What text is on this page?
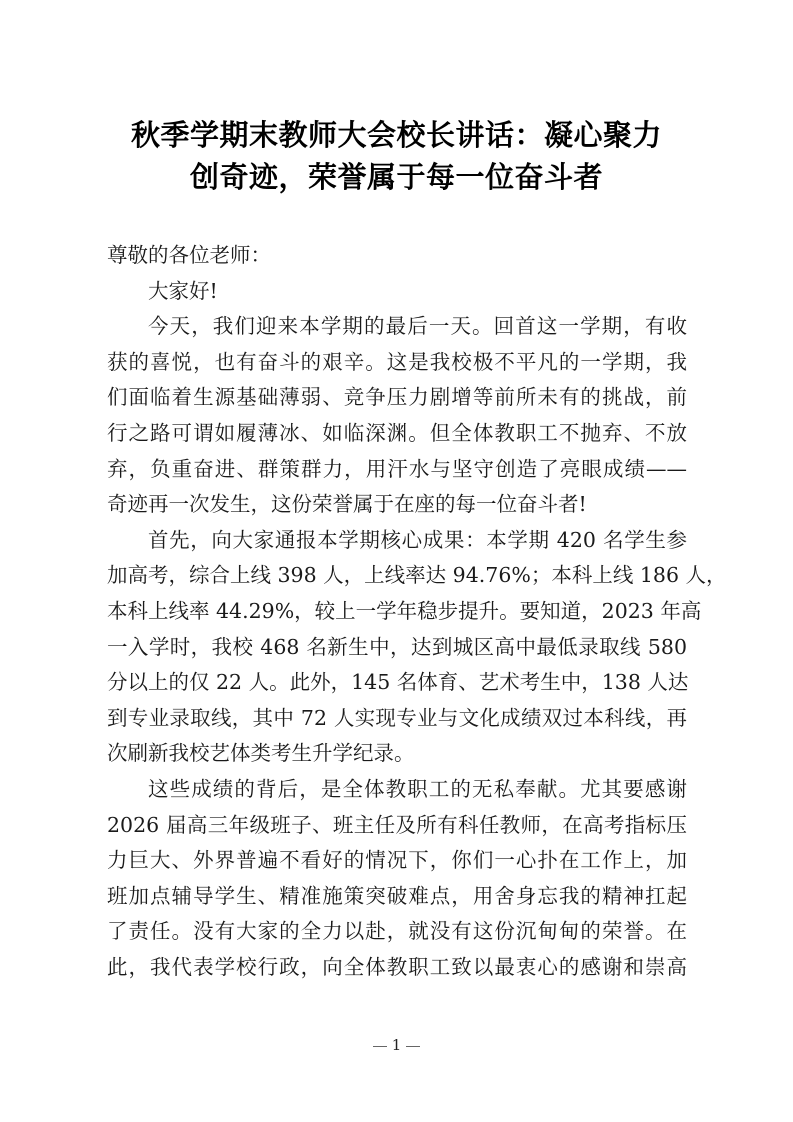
秋季学期末教师大会校长讲话：凝心聚力
创奇迹，荣誉属于每一位奋斗者
尊敬的各位老师：
大家好!
今天，我们迎来本学期的最后一天。回首这一学期，有收
获的喜悦，也有奋斗的艰辛。这是我校极不平凡的一学期，我
们面临着生源基础薄弱、竞争压力剧增等前所未有的挑战，前
行之路可谓如履薄冰、如临深渊。但全体教职工不抛弃、不放
弃，负重奋进、群策群力，用汗水与坚守创造了亮眼成绩——
奇迹再一次发生，这份荣誉属于在座的每一位奋斗者!
首先，向大家通报本学期核心成果：本学期 420 名学生参
加高考，综合上线 398 人，上线率达 94.76%；本科上线 186 人，
本科上线率 44.29%，较上一学年稳步提升。要知道，2023 年高
一入学时，我校 468 名新生中，达到城区高中最低录取线 580
分以上的仅 22 人。此外，145 名体育、艺术考生中，138 人达
到专业录取线，其中 72 人实现专业与文化成绩双过本科线，再
次刷新我校艺体类考生升学纪录。
这些成绩的背后，是全体教职工的无私奉献。尤其要感谢
2026 届高三年级班子、班主任及所有科任教师，在高考指标压
力巨大、外界普遍不看好的情况下，你们一心扑在工作上，加
班加点辅导学生、精准施策突破难点，用舍身忘我的精神扛起
了责任。没有大家的全力以赴，就没有这份沉甸甸的荣誉。在
此，我代表学校行政，向全体教职工致以最衷心的感谢和崇高
1
